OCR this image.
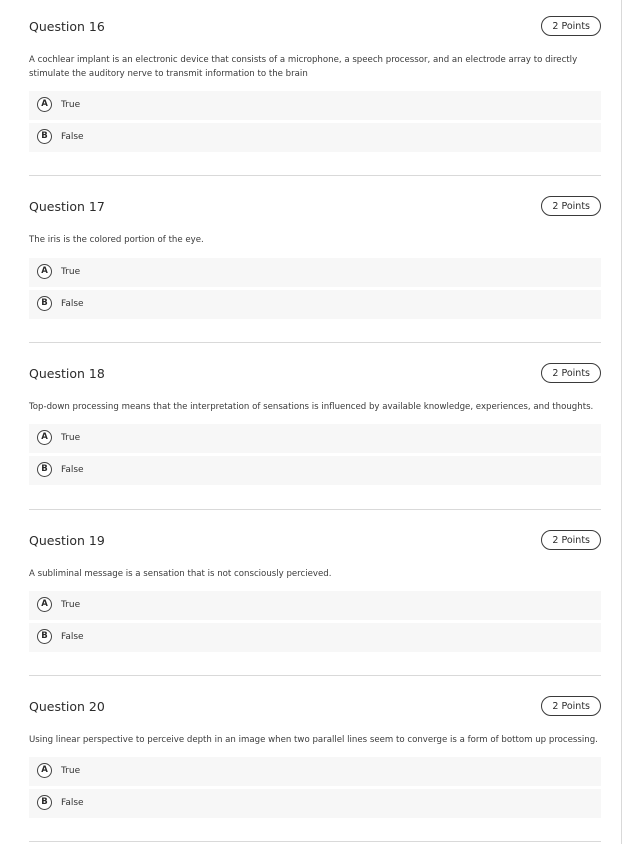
Question 16	2 Points
A cochlear implant is an electronic device that consists of a microphone, a speech processor, and an electrode array to directly stimulate the auditory nerve to transmit information to the brain
A	True
B	False
Question 17	2 Points
The iris is the colored portion of the eye.
A	True
B	False
Question 18	2 Points
Top-down processing means that the interpretation of sensations is influenced by available knowledge, experiences, and thoughts.
A	True
B	False
Question 19	2 Points
A subliminal message is a sensation that is not consciously percieved.
A	True
B	False
Question 20	2 Points
Using linear perspective to perceive depth in an image when two parallel lines seem to converge is a form of bottom up processing.
A	True
B	False
